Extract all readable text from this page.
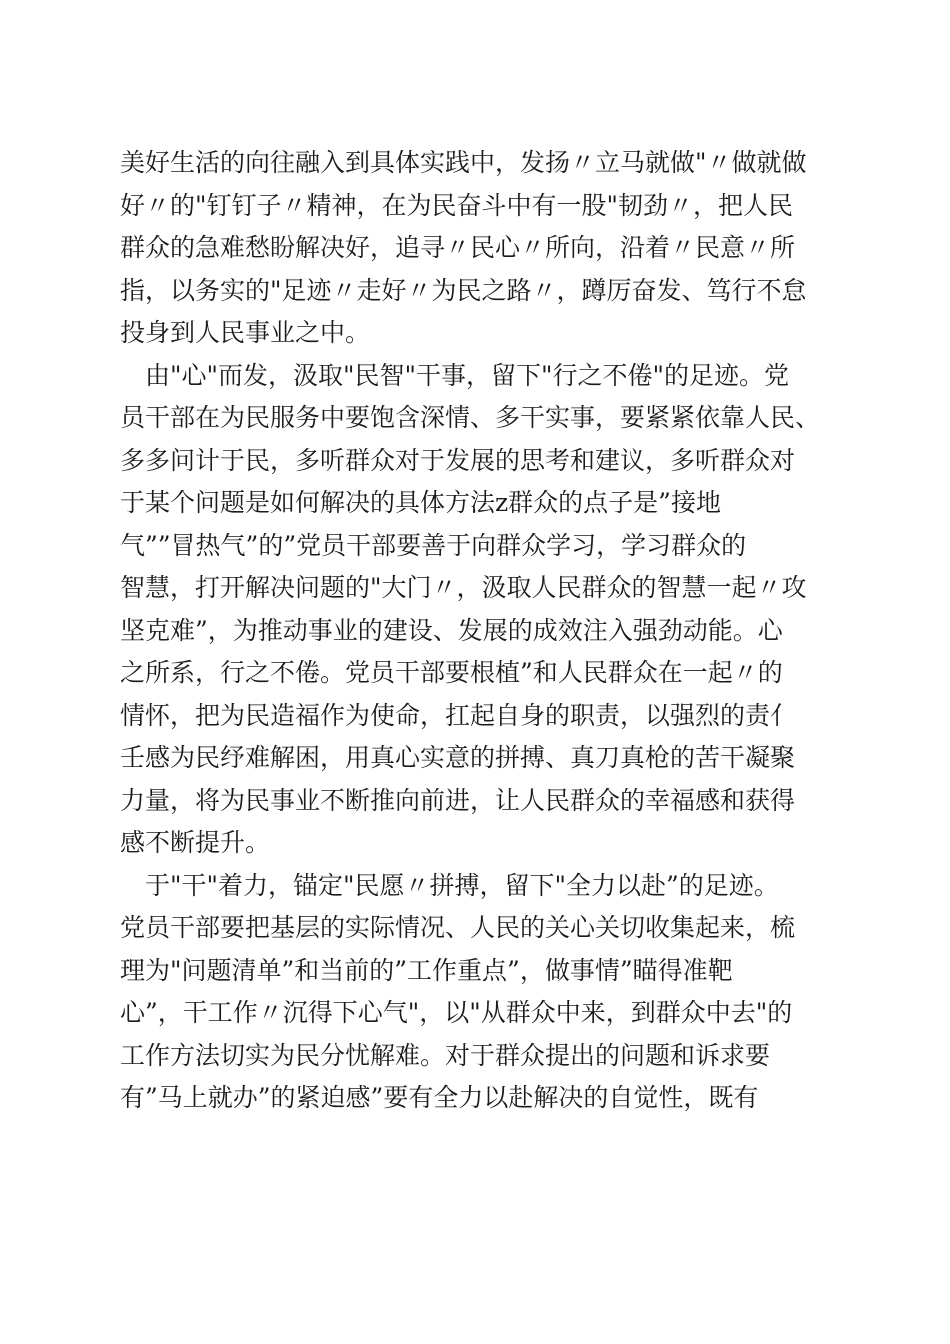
美好生活的向往融入到具体实践中，发扬〃立马就做"〃做就做
好〃的"钉钉子〃精神，在为民奋斗中有一股"韧劲〃，把人民
群众的急难愁盼解决好，追寻〃民心〃所向，沿着〃民意〃所
指，以务实的"足迹〃走好〃为民之路〃，蹲厉奋发、笃行不怠
投身到人民事业之中。
　由"心"而发，汲取"民智"干事，留下"行之不倦"的足迹。党
员干部在为民服务中要饱含深情、多干实事，要紧紧依靠人民、
多多问计于民，多听群众对于发展的思考和建议，多听群众对
于某个问题是如何解决的具体方法z群众的点子是”接地
气””冒热气”的”党员干部要善于向群众学习，学习群众的
智慧，打开解决问题的"大门〃，汲取人民群众的智慧一起〃攻
坚克难”，为推动事业的建设、发展的成效注入强劲动能。心
之所系，行之不倦。党员干部要根植”和人民群众在一起〃的
情怀，把为民造福作为使命，扛起自身的职责，以强烈的责亻
壬感为民纾难解困，用真心实意的拼搏、真刀真枪的苦干凝聚
力量，将为民事业不断推向前进，让人民群众的幸福感和获得
感不断提升。
　于"干"着力，锚定"民愿〃拼搏，留下"全力以赴”的足迹。
党员干部要把基层的实际情况、人民的关心关切收集起来，梳
理为"问题清单”和当前的”工作重点”，做事情”瞄得准靶
心”，干工作〃沉得下心气"，以"从群众中来，到群众中去"的
工作方法切实为民分忧解难。对于群众提出的问题和诉求要
有”马上就办”的紧迫感”要有全力以赴解决的自觉性，既有
